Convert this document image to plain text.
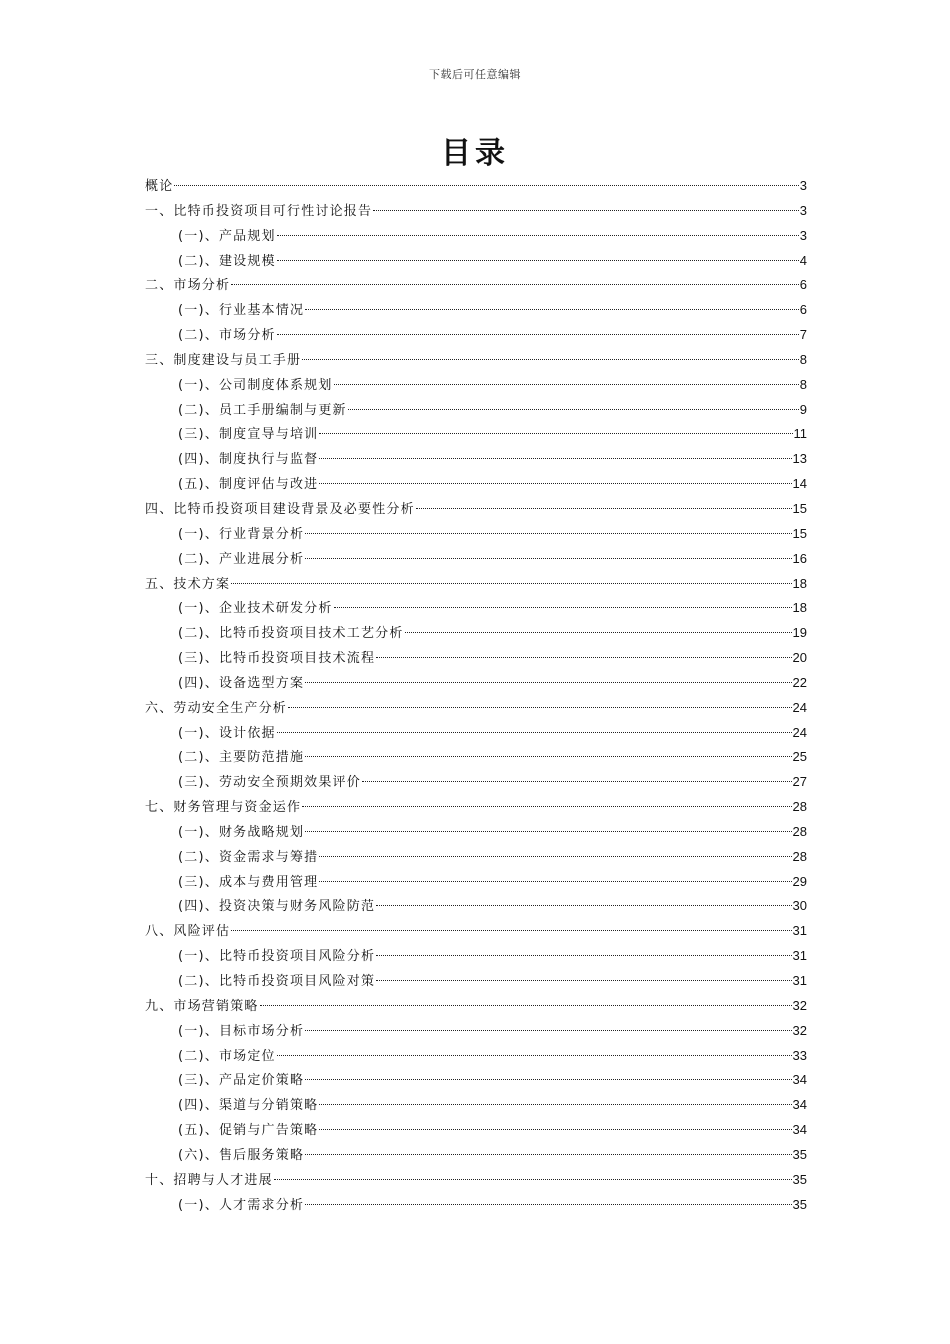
下载后可任意编辑
目录
概论	3
一、比特币投资项目可行性讨论报告	3
(一)、产品规划	3
(二)、建设规模	4
二、市场分析	6
(一)、行业基本情况	6
(二)、市场分析	7
三、制度建设与员工手册	8
(一)、公司制度体系规划	8
(二)、员工手册编制与更新	9
(三)、制度宣导与培训	11
(四)、制度执行与监督	13
(五)、制度评估与改进	14
四、比特币投资项目建设背景及必要性分析	15
(一)、行业背景分析	15
(二)、产业进展分析	16
五、技术方案	18
(一)、企业技术研发分析	18
(二)、比特币投资项目技术工艺分析	19
(三)、比特币投资项目技术流程	20
(四)、设备选型方案	22
六、劳动安全生产分析	24
(一)、设计依据	24
(二)、主要防范措施	25
(三)、劳动安全预期效果评价	27
七、财务管理与资金运作	28
(一)、财务战略规划	28
(二)、资金需求与筹措	28
(三)、成本与费用管理	29
(四)、投资决策与财务风险防范	30
八、风险评估	31
(一)、比特币投资项目风险分析	31
(二)、比特币投资项目风险对策	31
九、市场营销策略	32
(一)、目标市场分析	32
(二)、市场定位	33
(三)、产品定价策略	34
(四)、渠道与分销策略	34
(五)、促销与广告策略	34
(六)、售后服务策略	35
十、招聘与人才进展	35
(一)、人才需求分析	35
